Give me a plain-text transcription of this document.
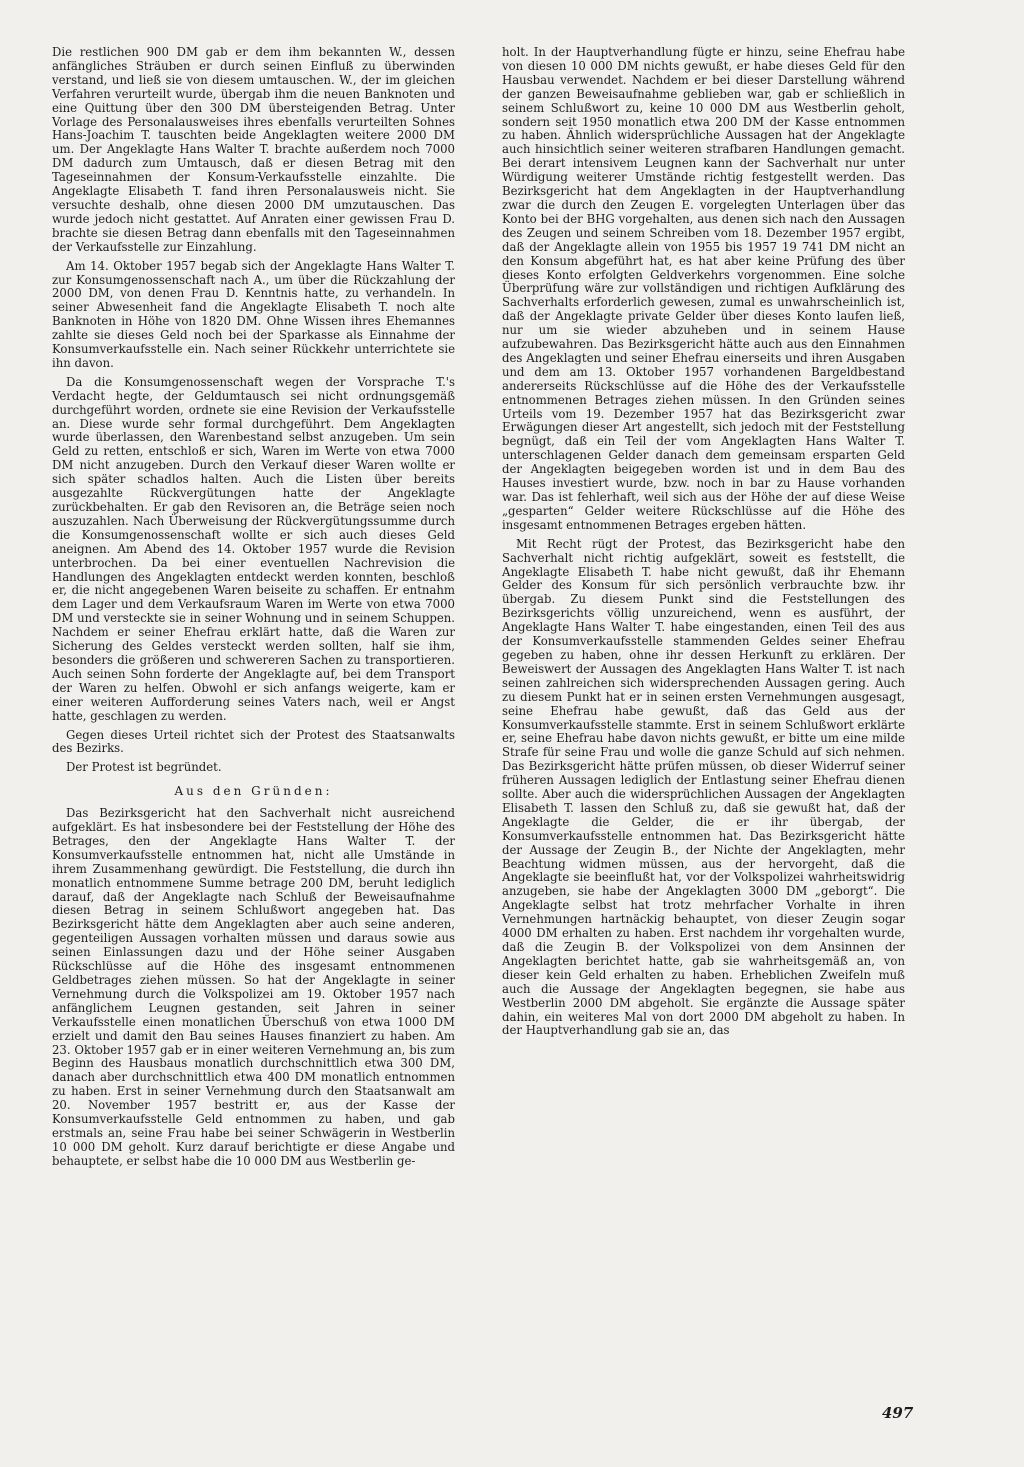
Die restlichen 900 DM gab er dem ihm bekannten W., dessen anfängliches Sträuben er durch seinen Einfluß zu überwinden verstand, und ließ sie von diesem umtauschen. W., der im gleichen Verfahren verurteilt wurde, übergab ihm die neuen Banknoten und eine Quittung über den 300 DM übersteigenden Betrag. Unter Vorlage des Personalausweises ihres ebenfalls verurteilten Sohnes Hans-Joachim T. tauschten beide Angeklagten weitere 2000 DM um. Der Angeklagte Hans Walter T. brachte außerdem noch 7000 DM dadurch zum Umtausch, daß er diesen Betrag mit den Tageseinnahmen der Konsum-Verkaufsstelle einzahlte. Die Angeklagte Elisabeth T. fand ihren Personalausweis nicht. Sie versuchte deshalb, ohne diesen 2000 DM umzutauschen. Das wurde jedoch nicht gestattet. Auf Anraten einer gewissen Frau D. brachte sie diesen Betrag dann ebenfalls mit den Tageseinnahmen der Verkaufsstelle zur Einzahlung.

Am 14. Oktober 1957 begab sich der Angeklagte Hans Walter T. zur Konsumgenossenschaft nach A., um über die Rückzahlung der 2000 DM, von denen Frau D. Kenntnis hatte, zu verhandeln. In seiner Abwesenheit fand die Angeklagte Elisabeth T. noch alte Banknoten in Höhe von 1820 DM. Ohne Wissen ihres Ehemannes zahlte sie dieses Geld noch bei der Sparkasse als Einnahme der Konsumverkaufsstelle ein. Nach seiner Rückkehr unterrichtete sie ihn davon.

Da die Konsumgenossenschaft wegen der Vorsprache T.'s Verdacht hegte, der Geldumtausch sei nicht ordnungsgemäß durchgeführt worden, ordnete sie eine Revision der Verkaufsstelle an. Diese wurde sehr formal durchgeführt. Dem Angeklagten wurde überlassen, den Warenbestand selbst anzugeben. Um sein Geld zu retten, entschloß er sich, Waren im Werte von etwa 7000 DM nicht anzugeben. Durch den Verkauf dieser Waren wollte er sich später schadlos halten. Auch die Listen über bereits ausgezahlte Rückvergütungen hatte der Angeklagte zurückbehalten. Er gab den Revisoren an, die Beträge seien noch auszuzahlen. Nach Überweisung der Rückvergütungssumme durch die Konsumgenossenschaft wollte er sich auch dieses Geld aneignen. Am Abend des 14. Oktober 1957 wurde die Revision unterbrochen. Da bei einer eventuellen Nachrevision die Handlungen des Angeklagten entdeckt werden konnten, beschloß er, die nicht angegebenen Waren beiseite zu schaffen. Er entnahm dem Lager und dem Verkaufsraum Waren im Werte von etwa 7000 DM und versteckte sie in seiner Wohnung und in seinem Schuppen. Nachdem er seiner Ehefrau erklärt hatte, daß die Waren zur Sicherung des Geldes versteckt werden sollten, half sie ihm, besonders die größeren und schwereren Sachen zu transportieren. Auch seinen Sohn forderte der Angeklagte auf, bei dem Transport der Waren zu helfen. Obwohl er sich anfangs weigerte, kam er einer weiteren Aufforderung seines Vaters nach, weil er Angst hatte, geschlagen zu werden.

Gegen dieses Urteil richtet sich der Protest des Staatsanwalts des Bezirks.

Der Protest ist begründet.

Aus den Gründen:

Das Bezirksgericht hat den Sachverhalt nicht ausreichend aufgeklärt. Es hat insbesondere bei der Feststellung der Höhe des Betrages, den der Angeklagte Hans Walter T. der Konsumverkaufsstelle entnommen hat, nicht alle Umstände in ihrem Zusammenhang gewürdigt. Die Feststellung, die durch ihn monatlich entnommene Summe betrage 200 DM, beruht lediglich darauf, daß der Angeklagte nach Schluß der Beweisaufnahme diesen Betrag in seinem Schlußwort angegeben hat. Das Bezirksgericht hätte dem Angeklagten aber auch seine anderen, gegenteiligen Aussagen vorhalten müssen und daraus sowie aus seinen Einlassungen dazu und der Höhe seiner Ausgaben Rückschlüsse auf die Höhe des insgesamt entnommenen Geldbetrages ziehen müssen. So hat der Angeklagte in seiner Vernehmung durch die Volkspolizei am 19. Oktober 1957 nach anfänglichem Leugnen gestanden, seit Jahren in seiner Verkaufsstelle einen monatlichen Überschuß von etwa 1000 DM erzielt und damit den Bau seines Hauses finanziert zu haben. Am 23. Oktober 1957 gab er in einer weiteren Vernehmung an, bis zum Beginn des Hausbaus monatlich durchschnittlich etwa 300 DM, danach aber durchschnittlich etwa 400 DM monatlich entnommen zu haben. Erst in seiner Vernehmung durch den Staatsanwalt am 20. November 1957 bestritt er, aus der Kasse der Konsumverkaufsstelle Geld entnommen zu haben, und gab erstmals an, seine Frau habe bei seiner Schwägerin in Westberlin 10 000 DM geholt. Kurz darauf berichtigte er diese Angabe und behauptete, er selbst habe die 10 000 DM aus Westberlin ge-

holt. In der Hauptverhandlung fügte er hinzu, seine Ehefrau habe von diesen 10 000 DM nichts gewußt, er habe dieses Geld für den Hausbau verwendet. Nachdem er bei dieser Darstellung während der ganzen Beweisaufnahme geblieben war, gab er schließlich in seinem Schlußwort zu, keine 10 000 DM aus Westberlin geholt, sondern seit 1950 monatlich etwa 200 DM der Kasse entnommen zu haben. Ähnlich widersprüchliche Aussagen hat der Angeklagte auch hinsichtlich seiner weiteren strafbaren Handlungen gemacht. Bei derart intensivem Leugnen kann der Sachverhalt nur unter Würdigung weiterer Umstände richtig festgestellt werden. Das Bezirksgericht hat dem Angeklagten in der Hauptverhandlung zwar die durch den Zeugen E. vorgelegten Unterlagen über das Konto bei der BHG vorgehalten, aus denen sich nach den Aussagen des Zeugen und seinem Schreiben vom 18. Dezember 1957 ergibt, daß der Angeklagte allein von 1955 bis 1957 19 741 DM nicht an den Konsum abgeführt hat, es hat aber keine Prüfung des über dieses Konto erfolgten Geldverkehrs vorgenommen. Eine solche Überprüfung wäre zur vollständigen und richtigen Aufklärung des Sachverhalts erforderlich gewesen, zumal es unwahrscheinlich ist, daß der Angeklagte private Gelder über dieses Konto laufen ließ, nur um sie wieder abzuheben und in seinem Hause aufzubewahren. Das Bezirksgericht hätte auch aus den Einnahmen des Angeklagten und seiner Ehefrau einerseits und ihren Ausgaben und dem am 13. Oktober 1957 vorhandenen Bargeldbestand andererseits Rückschlüsse auf die Höhe des der Verkaufsstelle entnommenen Betrages ziehen müssen. In den Gründen seines Urteils vom 19. Dezember 1957 hat das Bezirksgericht zwar Erwägungen dieser Art angestellt, sich jedoch mit der Feststellung begnügt, daß ein Teil der vom Angeklagten Hans Walter T. unterschlagenen Gelder danach dem gemeinsam ersparten Geld der Angeklagten beigegeben worden ist und in dem Bau des Hauses investiert wurde, bzw. noch in bar zu Hause vorhanden war. Das ist fehlerhaft, weil sich aus der Höhe der auf diese Weise „gesparten“ Gelder weitere Rückschlüsse auf die Höhe des insgesamt entnommenen Betrages ergeben hätten.

Mit Recht rügt der Protest, das Bezirksgericht habe den Sachverhalt nicht richtig aufgeklärt, soweit es feststellt, die Angeklagte Elisabeth T. habe nicht gewußt, daß ihr Ehemann Gelder des Konsum für sich persönlich verbrauchte bzw. ihr übergab. Zu diesem Punkt sind die Feststellungen des Bezirksgerichts völlig unzureichend, wenn es ausführt, der Angeklagte Hans Walter T. habe eingestanden, einen Teil des aus der Konsumverkaufsstelle stammenden Geldes seiner Ehefrau gegeben zu haben, ohne ihr dessen Herkunft zu erklären. Der Beweiswert der Aussagen des Angeklagten Hans Walter T. ist nach seinen zahlreichen sich widersprechenden Aussagen gering. Auch zu diesem Punkt hat er in seinen ersten Vernehmungen ausgesagt, seine Ehefrau habe gewußt, daß das Geld aus der Konsumverkaufsstelle stammte. Erst in seinem Schlußwort erklärte er, seine Ehefrau habe davon nichts gewußt, er bitte um eine milde Strafe für seine Frau und wolle die ganze Schuld auf sich nehmen. Das Bezirksgericht hätte prüfen müssen, ob dieser Widerruf seiner früheren Aussagen lediglich der Entlastung seiner Ehefrau dienen sollte. Aber auch die widersprüchlichen Aussagen der Angeklagten Elisabeth T. lassen den Schluß zu, daß sie gewußt hat, daß der Angeklagte die Gelder, die er ihr übergab, der Konsumverkaufsstelle entnommen hat. Das Bezirksgericht hätte der Aussage der Zeugin B., der Nichte der Angeklagten, mehr Beachtung widmen müssen, aus der hervorgeht, daß die Angeklagte sie beeinflußt hat, vor der Volkspolizei wahrheitswidrig anzugeben, sie habe der Angeklagten 3000 DM „geborgt“. Die Angeklagte selbst hat trotz mehrfacher Vorhalte in ihren Vernehmungen hartnäckig behauptet, von dieser Zeugin sogar 4000 DM erhalten zu haben. Erst nachdem ihr vorgehalten wurde, daß die Zeugin B. der Volkspolizei von dem Ansinnen der Angeklagten berichtet hatte, gab sie wahrheitsgemäß an, von dieser kein Geld erhalten zu haben. Erheblichen Zweifeln muß auch die Aussage der Angeklagten begegnen, sie habe aus Westberlin 2000 DM abgeholt. Sie ergänzte die Aussage später dahin, ein weiteres Mal von dort 2000 DM abgeholt zu haben. In der Hauptverhandlung gab sie an, das

497
